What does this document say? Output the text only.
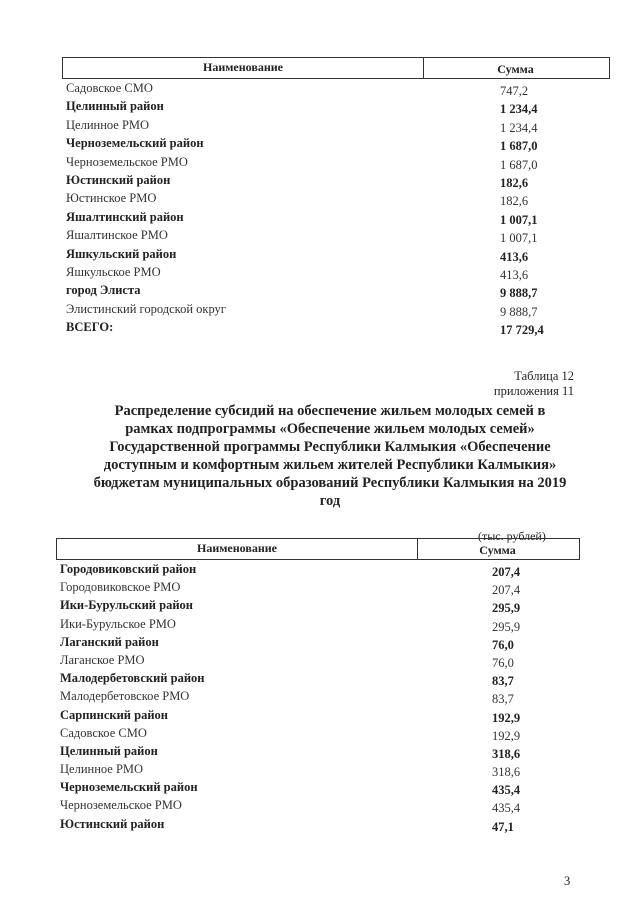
Наименование	Сумма
Садовское СМО	747,2
Целинный район	1 234,4
Целинное РМО	1 234,4
Черноземельский район	1 687,0
Черноземельское РМО	1 687,0
Юстинский район	182,6
Юстинское РМО	182,6
Яшалтинский район	1 007,1
Яшалтинское РМО	1 007,1
Яшкульский район	413,6
Яшкульское РМО	413,6
город Элиста	9 888,7
Элистинский городской округ	9 888,7
ВСЕГО:	17 729,4
Таблица 12
приложения 11
Распределение субсидий на обеспечение жильем молодых семей в рамках подпрограммы «Обеспечение жильем молодых семей» Государственной программы Республики Калмыкия «Обеспечение доступным и комфортным жильем жителей Республики Калмыкия» бюджетам муниципальных образований Республики Калмыкия на 2019 год
(тыс. рублей)
Наименование	Сумма
Городовиковский район	207,4
Городовиковское РМО	207,4
Ики-Бурульский район	295,9
Ики-Бурульское РМО	295,9
Лаганский район	76,0
Лаганское РМО	76,0
Малодербетовский район	83,7
Малодербетовское РМО	83,7
Сарпинский район	192,9
Садовское СМО	192,9
Целинный район	318,6
Целинное РМО	318,6
Черноземельский район	435,4
Черноземельское РМО	435,4
Юстинский район	47,1
3
